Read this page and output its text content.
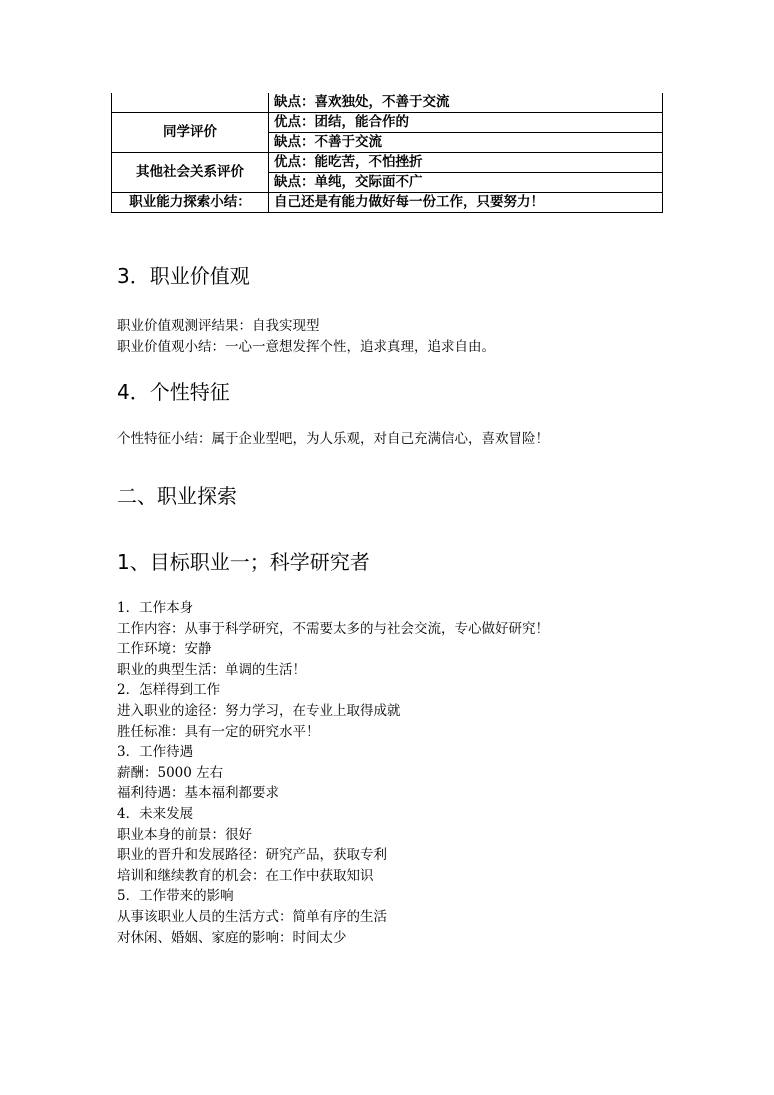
	缺点：喜欢独处，不善于交流
同学评价	优点：团结，能合作的
	缺点：不善于交流
其他社会关系评价	优点：能吃苦，不怕挫折
	缺点：单纯，交际面不广
职业能力探索小结：	自己还是有能力做好每一份工作，只要努力！
3．职业价值观
职业价值观测评结果：自我实现型
职业价值观小结：一心一意想发挥个性，追求真理，追求自由。
4．个性特征
个性特征小结：属于企业型吧，为人乐观，对自己充满信心，喜欢冒险！
二、职业探索
1、目标职业一；科学研究者
1．工作本身
工作内容：从事于科学研究，不需要太多的与社会交流，专心做好研究！
工作环境：安静
职业的典型生活：单调的生活！
2．怎样得到工作
进入职业的途径：努力学习，在专业上取得成就
胜任标准：具有一定的研究水平！
3．工作待遇
薪酬：5000 左右
福利待遇：基本福利都要求
4．未来发展
职业本身的前景：很好
职业的晋升和发展路径：研究产品，获取专利
培训和继续教育的机会：在工作中获取知识
5．工作带来的影响
从事该职业人员的生活方式：简单有序的生活
对休闲、婚姻、家庭的影响：时间太少
